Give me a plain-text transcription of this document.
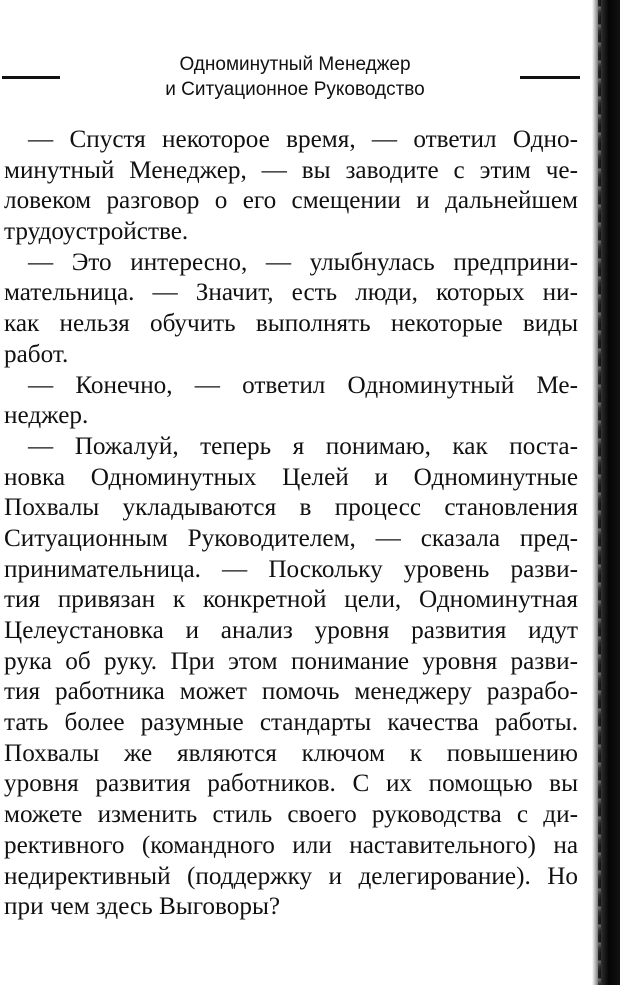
Одноминутный Менеджер
и Ситуационное Руководство
— Спустя некоторое время, — ответил Одно-
минутный Менеджер, — вы заводите с этим че-
ловеком разговор о его смещении и дальнейшем
трудоустройстве.
— Это интересно, — улыбнулась предприни-
мательница. — Значит, есть люди, которых ни-
как нельзя обучить выполнять некоторые виды
работ.
— Конечно, — ответил Одноминутный Ме-
неджер.
— Пожалуй, теперь я понимаю, как поста-
новка Одноминутных Целей и Одноминутные
Похвалы укладываются в процесс становления
Ситуационным Руководителем, — сказала пред-
принимательница. — Поскольку уровень разви-
тия привязан к конкретной цели, Одноминутная
Целеустановка и анализ уровня развития идут
рука об руку. При этом понимание уровня разви-
тия работника может помочь менеджеру разрабо-
тать более разумные стандарты качества работы.
Похвалы же являются ключом к повышению
уровня развития работников. С их помощью вы
можете изменить стиль своего руководства с ди-
рективного (командного или наставительного) на
недирективный (поддержку и делегирование). Но
при чем здесь Выговоры?
